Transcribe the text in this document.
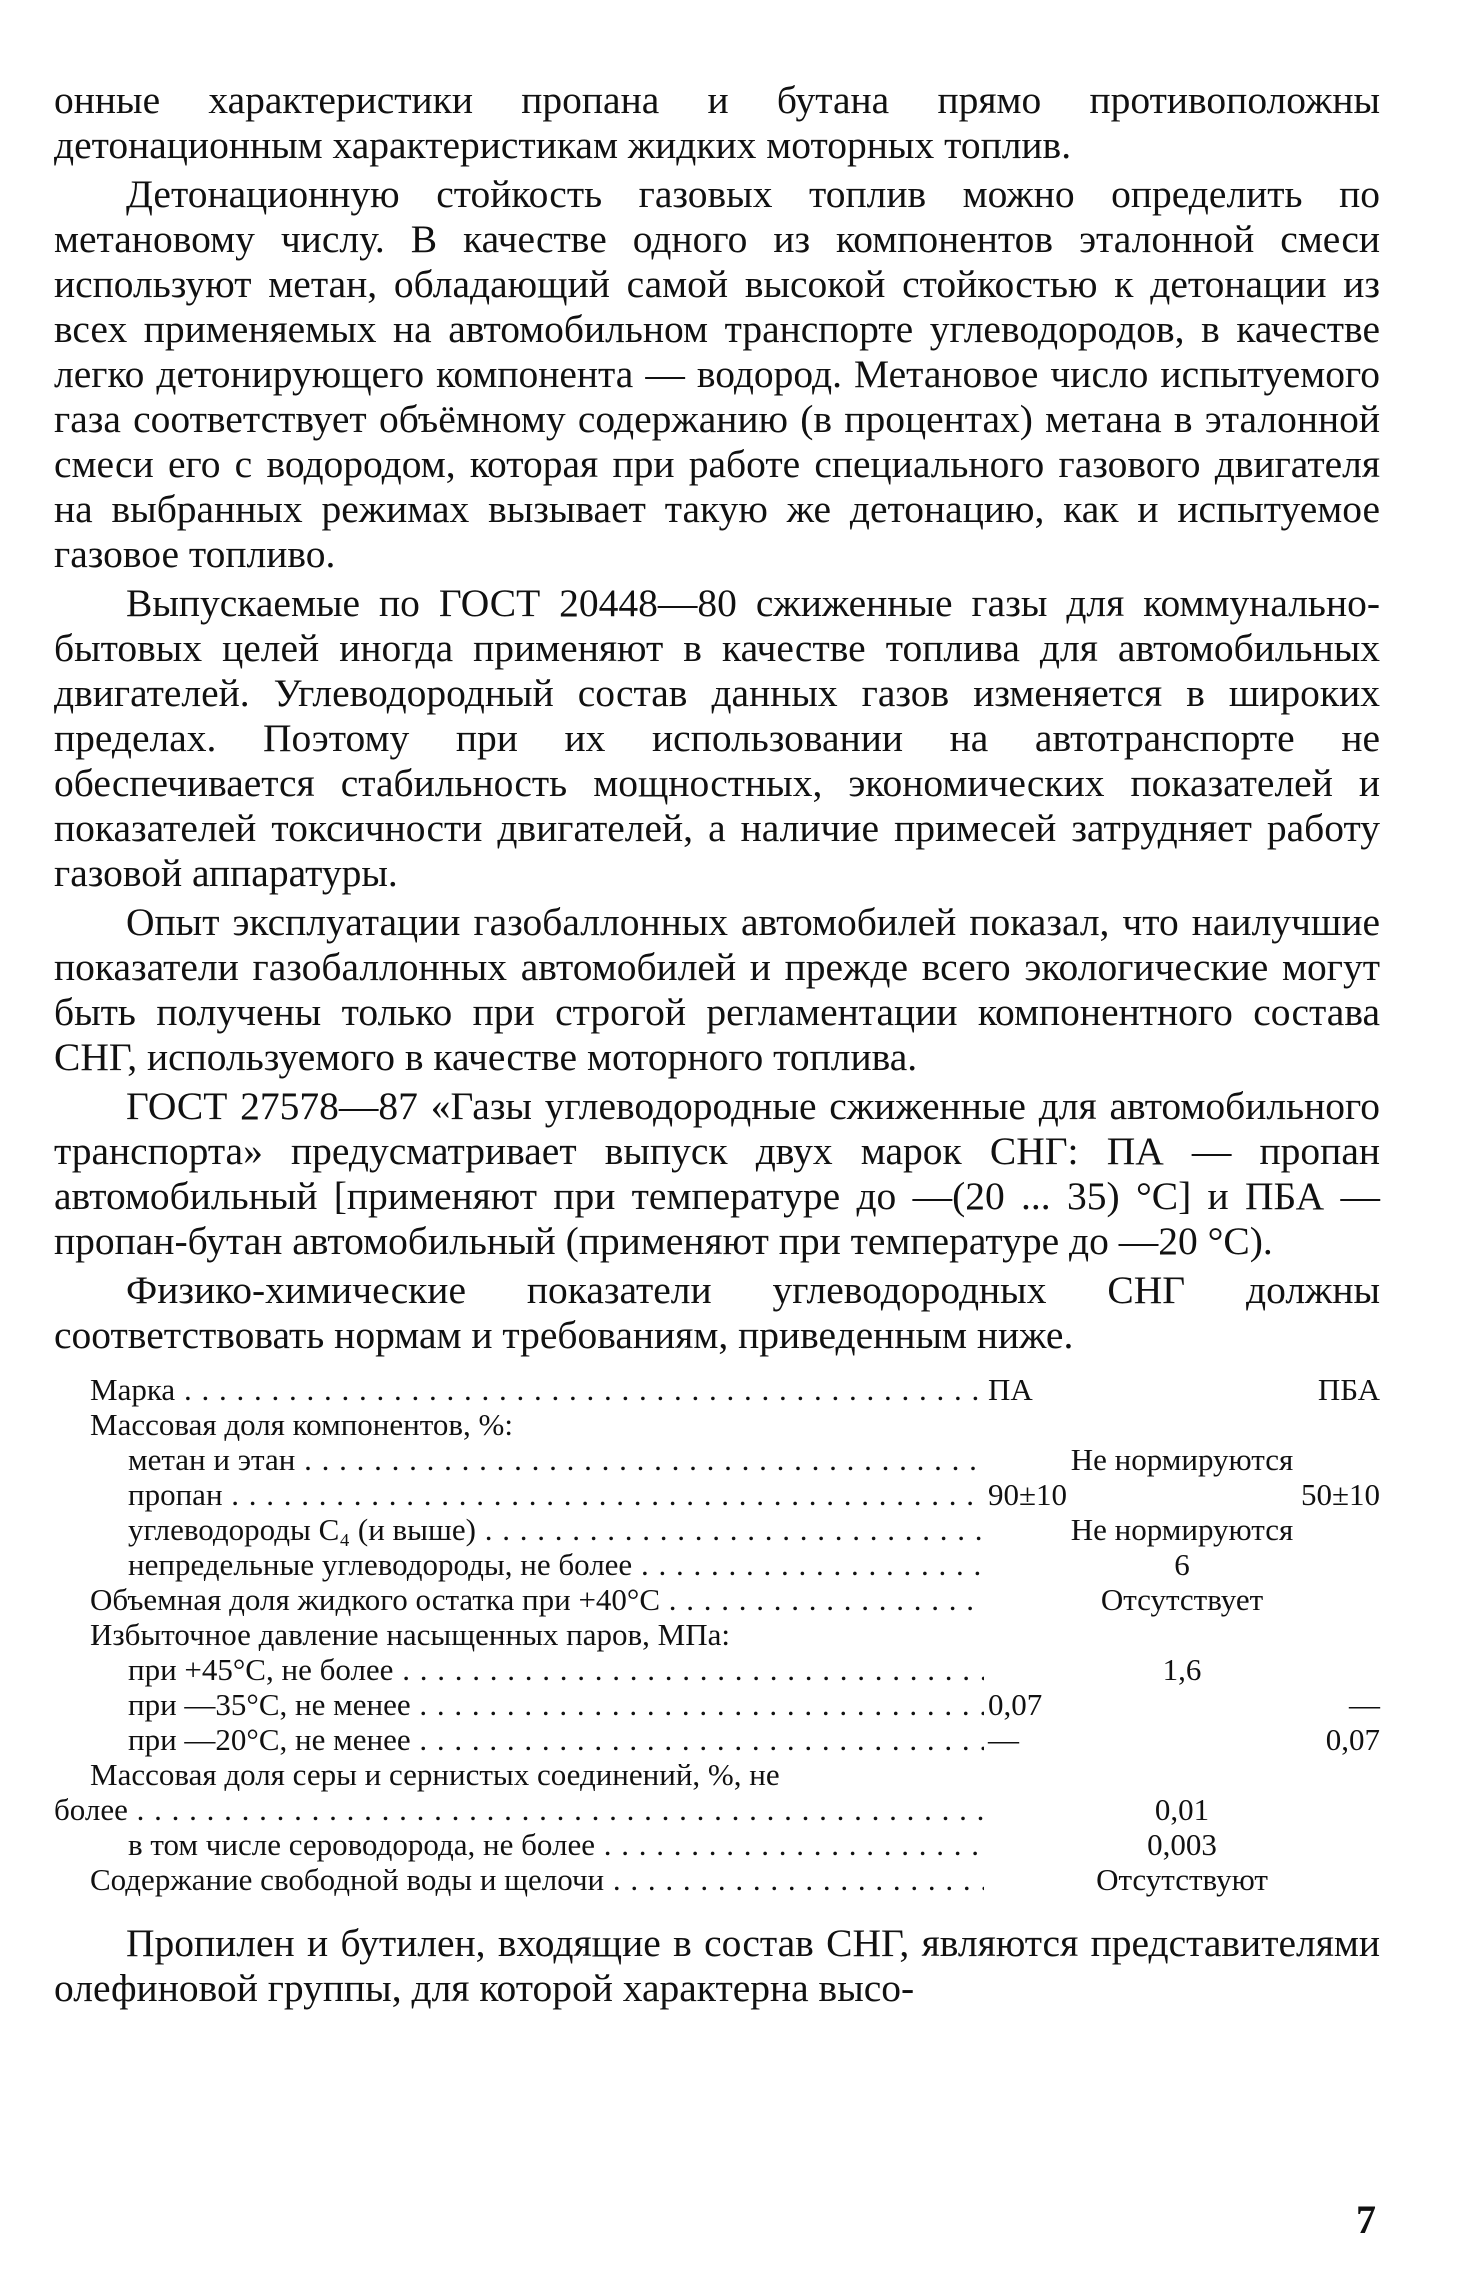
онные характеристики пропана и бутана прямо противоположны детонационным характеристикам жидких моторных топлив.

Детонационную стойкость газовых топлив можно определить по метановому числу. В качестве одного из компонентов эталонной смеси используют метан, обладающий самой высокой стойкостью к детонации из всех применяемых на автомобильном транспорте углеводородов, в качестве легко детонирующего компонента — водород. Метановое число испытуемого газа соответствует объёмному содержанию (в процентах) метана в эталонной смеси его с водородом, которая при работе специального газового двигателя на выбранных режимах вызывает такую же детонацию, как и испытуемое газовое топливо.

Выпускаемые по ГОСТ 20448—80 сжиженные газы для коммунально-бытовых целей иногда применяют в качестве топлива для автомобильных двигателей. Углеводородный состав данных газов изменяется в широких пределах. Поэтому при их использовании на автотранспорте не обеспечивается стабильность мощностных, экономических показателей и показателей токсичности двигателей, а наличие примесей затрудняет работу газовой аппаратуры.

Опыт эксплуатации газобаллонных автомобилей показал, что наилучшие показатели газобаллонных автомобилей и прежде всего экологические могут быть получены только при строгой регламентации компонентного состава СНГ, используемого в качестве моторного топлива.

ГОСТ 27578—87 «Газы углеводородные сжиженные для автомобильного транспорта» предусматривает выпуск двух марок СНГ: ПА — пропан автомобильный [применяют при температуре до —(20 ... 35) °С] и ПБА — пропан-бутан автомобильный (применяют при температуре до —20 °С).

Физико-химические показатели углеводородных СНГ должны соответствовать нормам и требованиям, приведенным ниже.

Марка . . .	ПА	ПБА
Массовая доля компонентов, %:		
метан и этан . . .	Не нормируются	
пропан . . .	90±10	50±10
углеводороды С₄ (и выше) . . .	Не нормируются	
непредельные углеводороды, не более . . .	6	
Объемная доля жидкого остатка при +40°С . . .	Отсутствует	
Избыточное давление насыщенных паров, МПа:		
при +45°С, не более . . .	1,6	
при —35°С, не менее . . .	0,07	—
при —20°С, не менее . . .	—	0,07
Массовая доля серы и сернистых соединений, %, не		
более . . .	0,01	
в том числе сероводорода, не более . . .	0,003	
Содержание свободной воды и щелочи . . .	Отсутствуют	

Пропилен и бутилен, входящие в состав СНГ, являются представителями олефиновой группы, для которой характерна высо-

7
